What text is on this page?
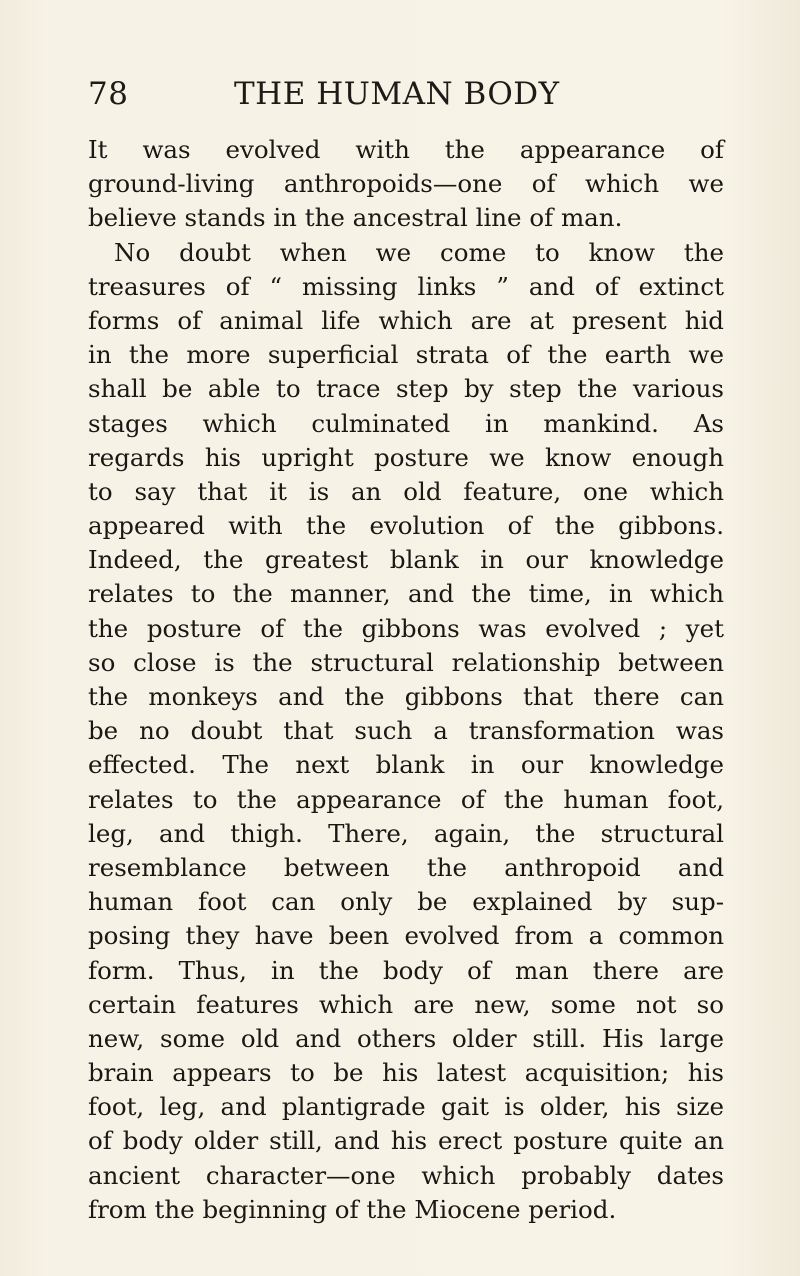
78	THE HUMAN BODY
It was evolved with the appearance of
ground-living anthropoids—one of which we
believe stands in the ancestral line of man.
No doubt when we come to know the
treasures of “ missing links ” and of extinct
forms of animal life which are at present hid
in the more superficial strata of the earth we
shall be able to trace step by step the various
stages which culminated in mankind. As
regards his upright posture we know enough
to say that it is an old feature, one which
appeared with the evolution of the gibbons.
Indeed, the greatest blank in our knowledge
relates to the manner, and the time, in which
the posture of the gibbons was evolved ; yet
so close is the structural relationship between
the monkeys and the gibbons that there can
be no doubt that such a transformation was
effected. The next blank in our knowledge
relates to the appearance of the human foot,
leg, and thigh. There, again, the structural
resemblance between the anthropoid and
human foot can only be explained by sup-
posing they have been evolved from a common
form. Thus, in the body of man there are
certain features which are new, some not so
new, some old and others older still. His large
brain appears to be his latest acquisition; his
foot, leg, and plantigrade gait is older, his size
of body older still, and his erect posture quite an
ancient character—one which probably dates
from the beginning of the Miocene period.
